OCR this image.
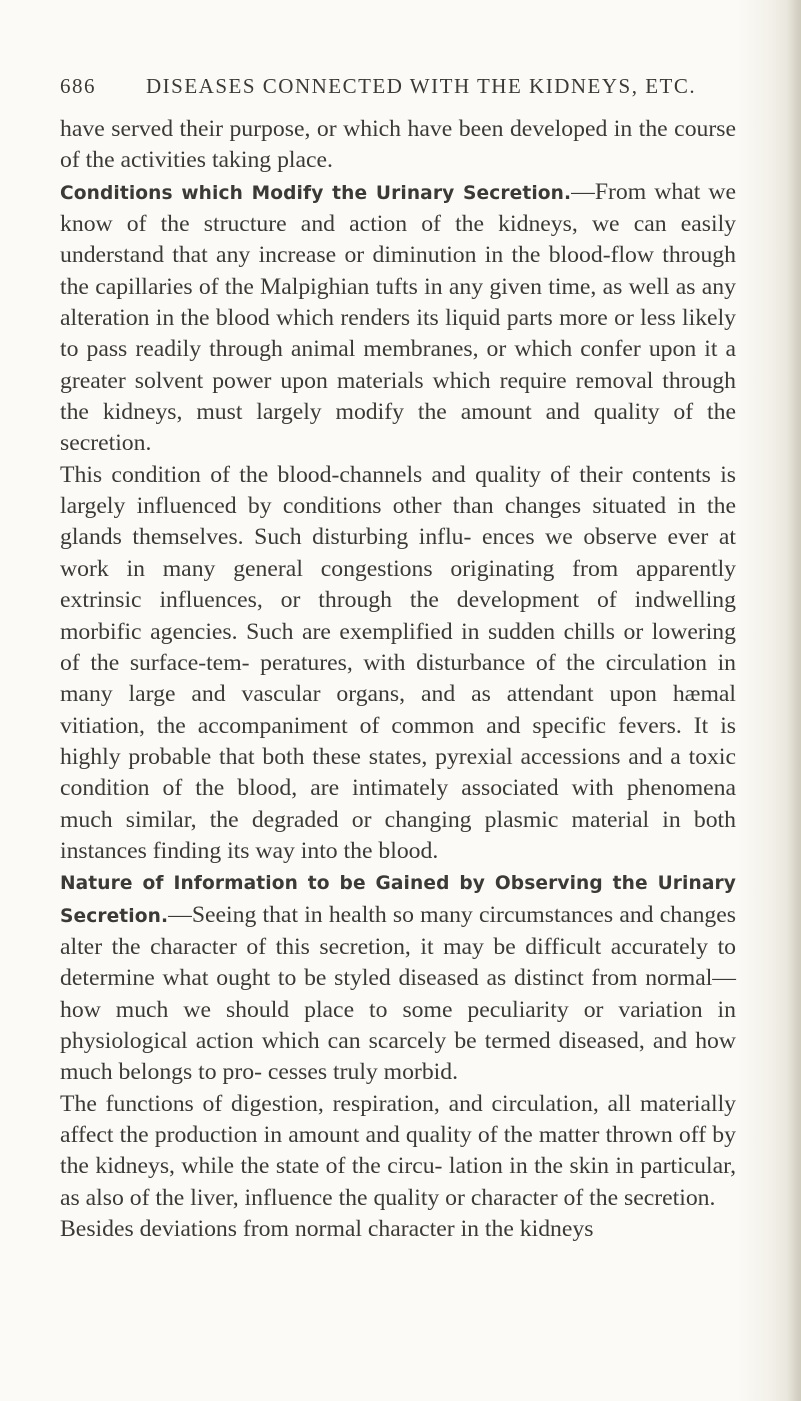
686	DISEASES CONNECTED WITH THE KIDNEYS, ETC.

have served their purpose, or which have been developed in the course of the activities taking place.

Conditions which Modify the Urinary Secretion.—From what we know of the structure and action of the kidneys, we can easily understand that any increase or diminution in the blood-flow through the capillaries of the Malpighian tufts in any given time, as well as any alteration in the blood which renders its liquid parts more or less likely to pass readily through animal membranes, or which confer upon it a greater solvent power upon materials which require removal through the kidneys, must largely modify the amount and quality of the secretion.

This condition of the blood-channels and quality of their contents is largely influenced by conditions other than changes situated in the glands themselves. Such disturbing influ- ences we observe ever at work in many general congestions originating from apparently extrinsic influences, or through the development of indwelling morbific agencies. Such are exemplified in sudden chills or lowering of the surface-tem- peratures, with disturbance of the circulation in many large and vascular organs, and as attendant upon hæmal vitiation, the accompaniment of common and specific fevers. It is highly probable that both these states, pyrexial accessions and a toxic condition of the blood, are intimately associated with phenomena much similar, the degraded or changing plasmic material in both instances finding its way into the blood.

Nature of Information to be Gained by Observing the Urinary Secretion.—Seeing that in health so many circumstances and changes alter the character of this secretion, it may be difficult accurately to determine what ought to be styled diseased as distinct from normal—how much we should place to some peculiarity or variation in physiological action which can scarcely be termed diseased, and how much belongs to pro- cesses truly morbid.

The functions of digestion, respiration, and circulation, all materially affect the production in amount and quality of the matter thrown off by the kidneys, while the state of the circu- lation in the skin in particular, as also of the liver, influence the quality or character of the secretion.

Besides deviations from normal character in the kidneys
